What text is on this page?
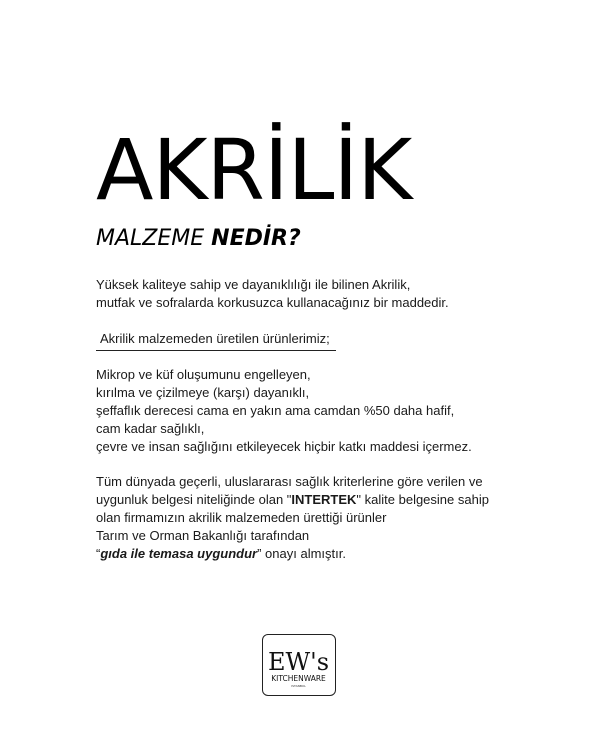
AKRİLİK
MALZEME NEDİR?

Yüksek kaliteye sahip ve dayanıklılığı ile bilinen Akrilik,

mutfak ve sofralarda korkusuzca kullanacağınız bir maddedir.

Akrilik malzemeden üretilen ürünlerimiz;

Mikrop ve küf oluşumunu engelleyen,

kırılma ve çizilmeye (karşı) dayanıklı,

şeffaflık derecesi cama en yakın ama camdan %50 daha hafif,

cam kadar sağlıklı,

çevre ve insan sağlığını etkileyecek hiçbir katkı maddesi içermez.

Tüm dünyada geçerli, uluslararası sağlık kriterlerine göre verilen ve

uygunluk belgesi niteliğinde olan "INTERTEK" kalite belgesine sahip

olan firmamızın akrilik malzemeden ürettiği ürünler

Tarım ve Orman Bakanlığı tarafından

“gıda ile temasa uygundur” onayı almıştır.

EW's
KITCHENWARE
ISTANBUL
